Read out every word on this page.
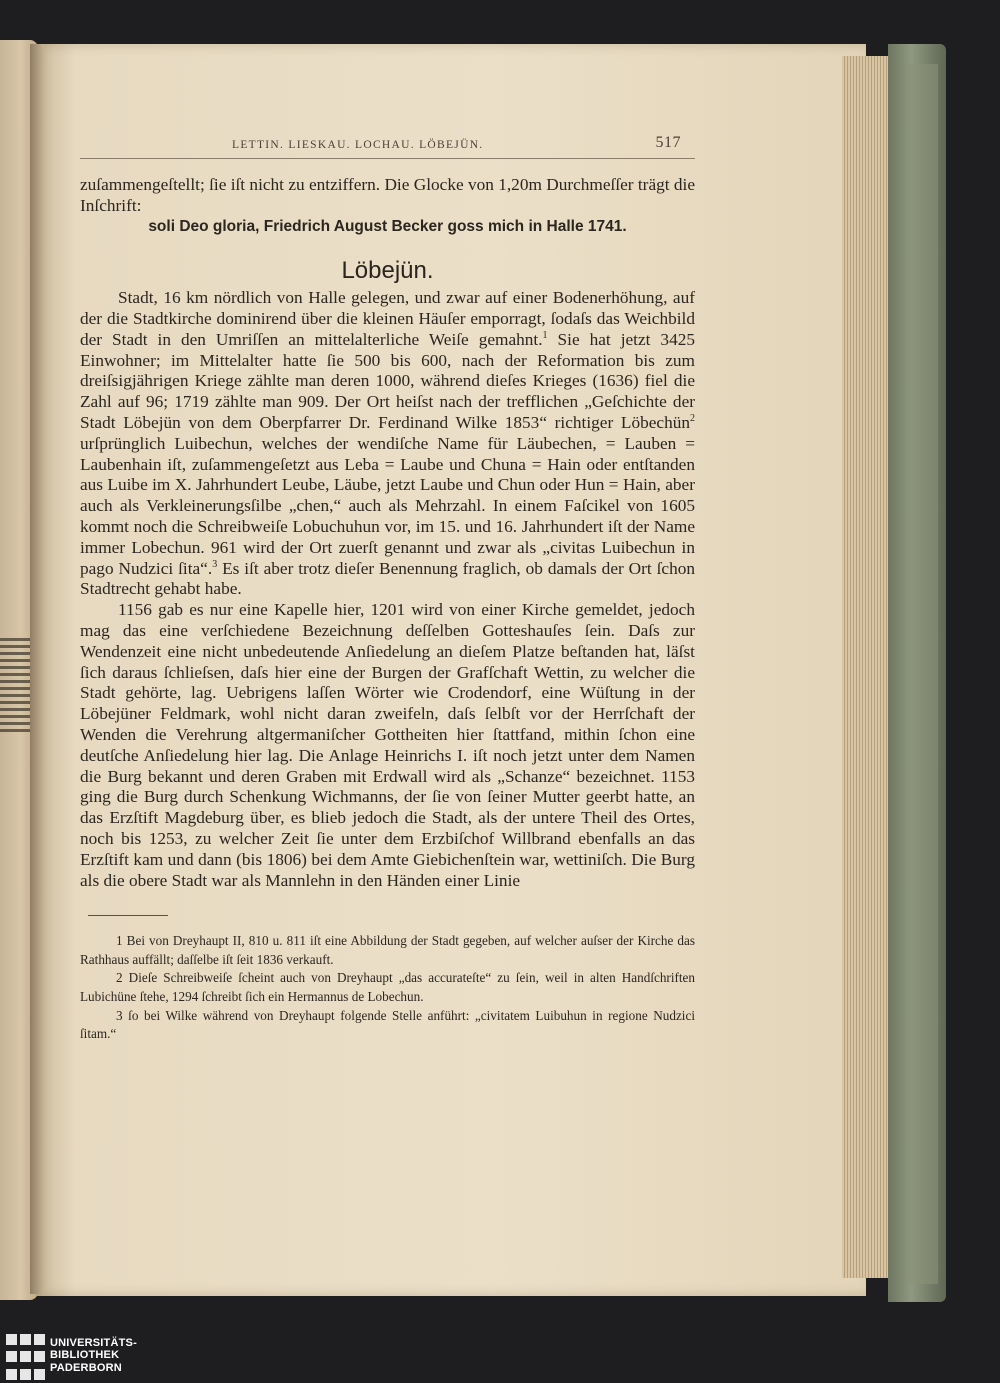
LETTIN. LIESKAU. LOCHAU. LÖBEJÜN.	517

zuſammengeſtellt; ſie iſt nicht zu entziffern. Die Glocke von 1,20m Durchmeſſer trägt die Inſchrift:

soli Deo gloria, Friedrich August Becker goss mich in Halle 1741.

Löbejün.

Stadt, 16 km nördlich von Halle gelegen, und zwar auf einer Bodenerhöhung, auf der die Stadtkirche dominirend über die kleinen Häuſer emporragt, ſodaſs das Weichbild der Stadt in den Umriſſen an mittelalterliche Weiſe gemahnt.$^1$ Sie hat jetzt 3425 Einwohner; im Mittelalter hatte ſie 500 bis 600, nach der Reformation bis zum dreiſsigjährigen Kriege zählte man deren 1000, während dieſes Krieges (1636) fiel die Zahl auf 96; 1719 zählte man 909. Der Ort heiſst nach der trefflichen „Geſchichte der Stadt Löbejün von dem Oberpfarrer Dr. Ferdinand Wilke 1853“ richtiger Löbechün$^2$ urſprünglich Luibechun, welches der wendiſche Name für Läubechen, = Lauben = Laubenhain iſt, zuſammengeſetzt aus Leba = Laube und Chuna = Hain oder entſtanden aus Luibe im X. Jahrhundert Leube, Läube, jetzt Laube und Chun oder Hun = Hain, aber auch als Verkleinerungsſilbe „chen,“ auch als Mehrzahl. In einem Faſcikel von 1605 kommt noch die Schreibweiſe Lobuchuhun vor, im 15. und 16. Jahrhundert iſt der Name immer Lobechun. 961 wird der Ort zuerſt genannt und zwar als „civitas Luibechun in pago Nudzici ſita“.$^3$ Es iſt aber trotz dieſer Benennung fraglich, ob damals der Ort ſchon Stadtrecht gehabt habe.

1156 gab es nur eine Kapelle hier, 1201 wird von einer Kirche gemeldet, jedoch mag das eine verſchiedene Bezeichnung deſſelben Gotteshauſes ſein. Daſs zur Wendenzeit eine nicht unbedeutende Anſiedelung an dieſem Platze beſtanden hat, läſst ſich daraus ſchlieſsen, daſs hier eine der Burgen der Grafſchaft Wettin, zu welcher die Stadt gehörte, lag. Uebrigens laſſen Wörter wie Crodendorf, eine Wüſtung in der Löbejüner Feldmark, wohl nicht daran zweifeln, daſs ſelbſt vor der Herrſchaft der Wenden die Verehrung altgermaniſcher Gottheiten hier ſtattfand, mithin ſchon eine deutſche Anſiedelung hier lag. Die Anlage Heinrichs I. iſt noch jetzt unter dem Namen die Burg bekannt und deren Graben mit Erdwall wird als „Schanze“ bezeichnet. 1153 ging die Burg durch Schenkung Wichmanns, der ſie von ſeiner Mutter geerbt hatte, an das Erzſtift Magdeburg über, es blieb jedoch die Stadt, als der untere Theil des Ortes, noch bis 1253, zu welcher Zeit ſie unter dem Erzbiſchof Willbrand ebenfalls an das Erzſtift kam und dann (bis 1806) bei dem Amte Giebichenſtein war, wettiniſch. Die Burg als die obere Stadt war als Mannlehn in den Händen einer Linie

1 Bei von Dreyhaupt II, 810 u. 811 iſt eine Abbildung der Stadt gegeben, auf welcher auſser der Kirche das Rathhaus auffällt; daſſelbe iſt ſeit 1836 verkauft.

2 Dieſe Schreibweiſe ſcheint auch von Dreyhaupt „das accurateſte“ zu ſein, weil in alten Handſchriften Lubichüne ſtehe, 1294 ſchreibt ſich ein Hermannus de Lobechun.

3 ſo bei Wilke während von Dreyhaupt folgende Stelle anführt: „civitatem Luibuhun in regione Nudzici ſitam.“

UNIVERSITÄTS-
BIBLIOTHEK
PADERBORN
